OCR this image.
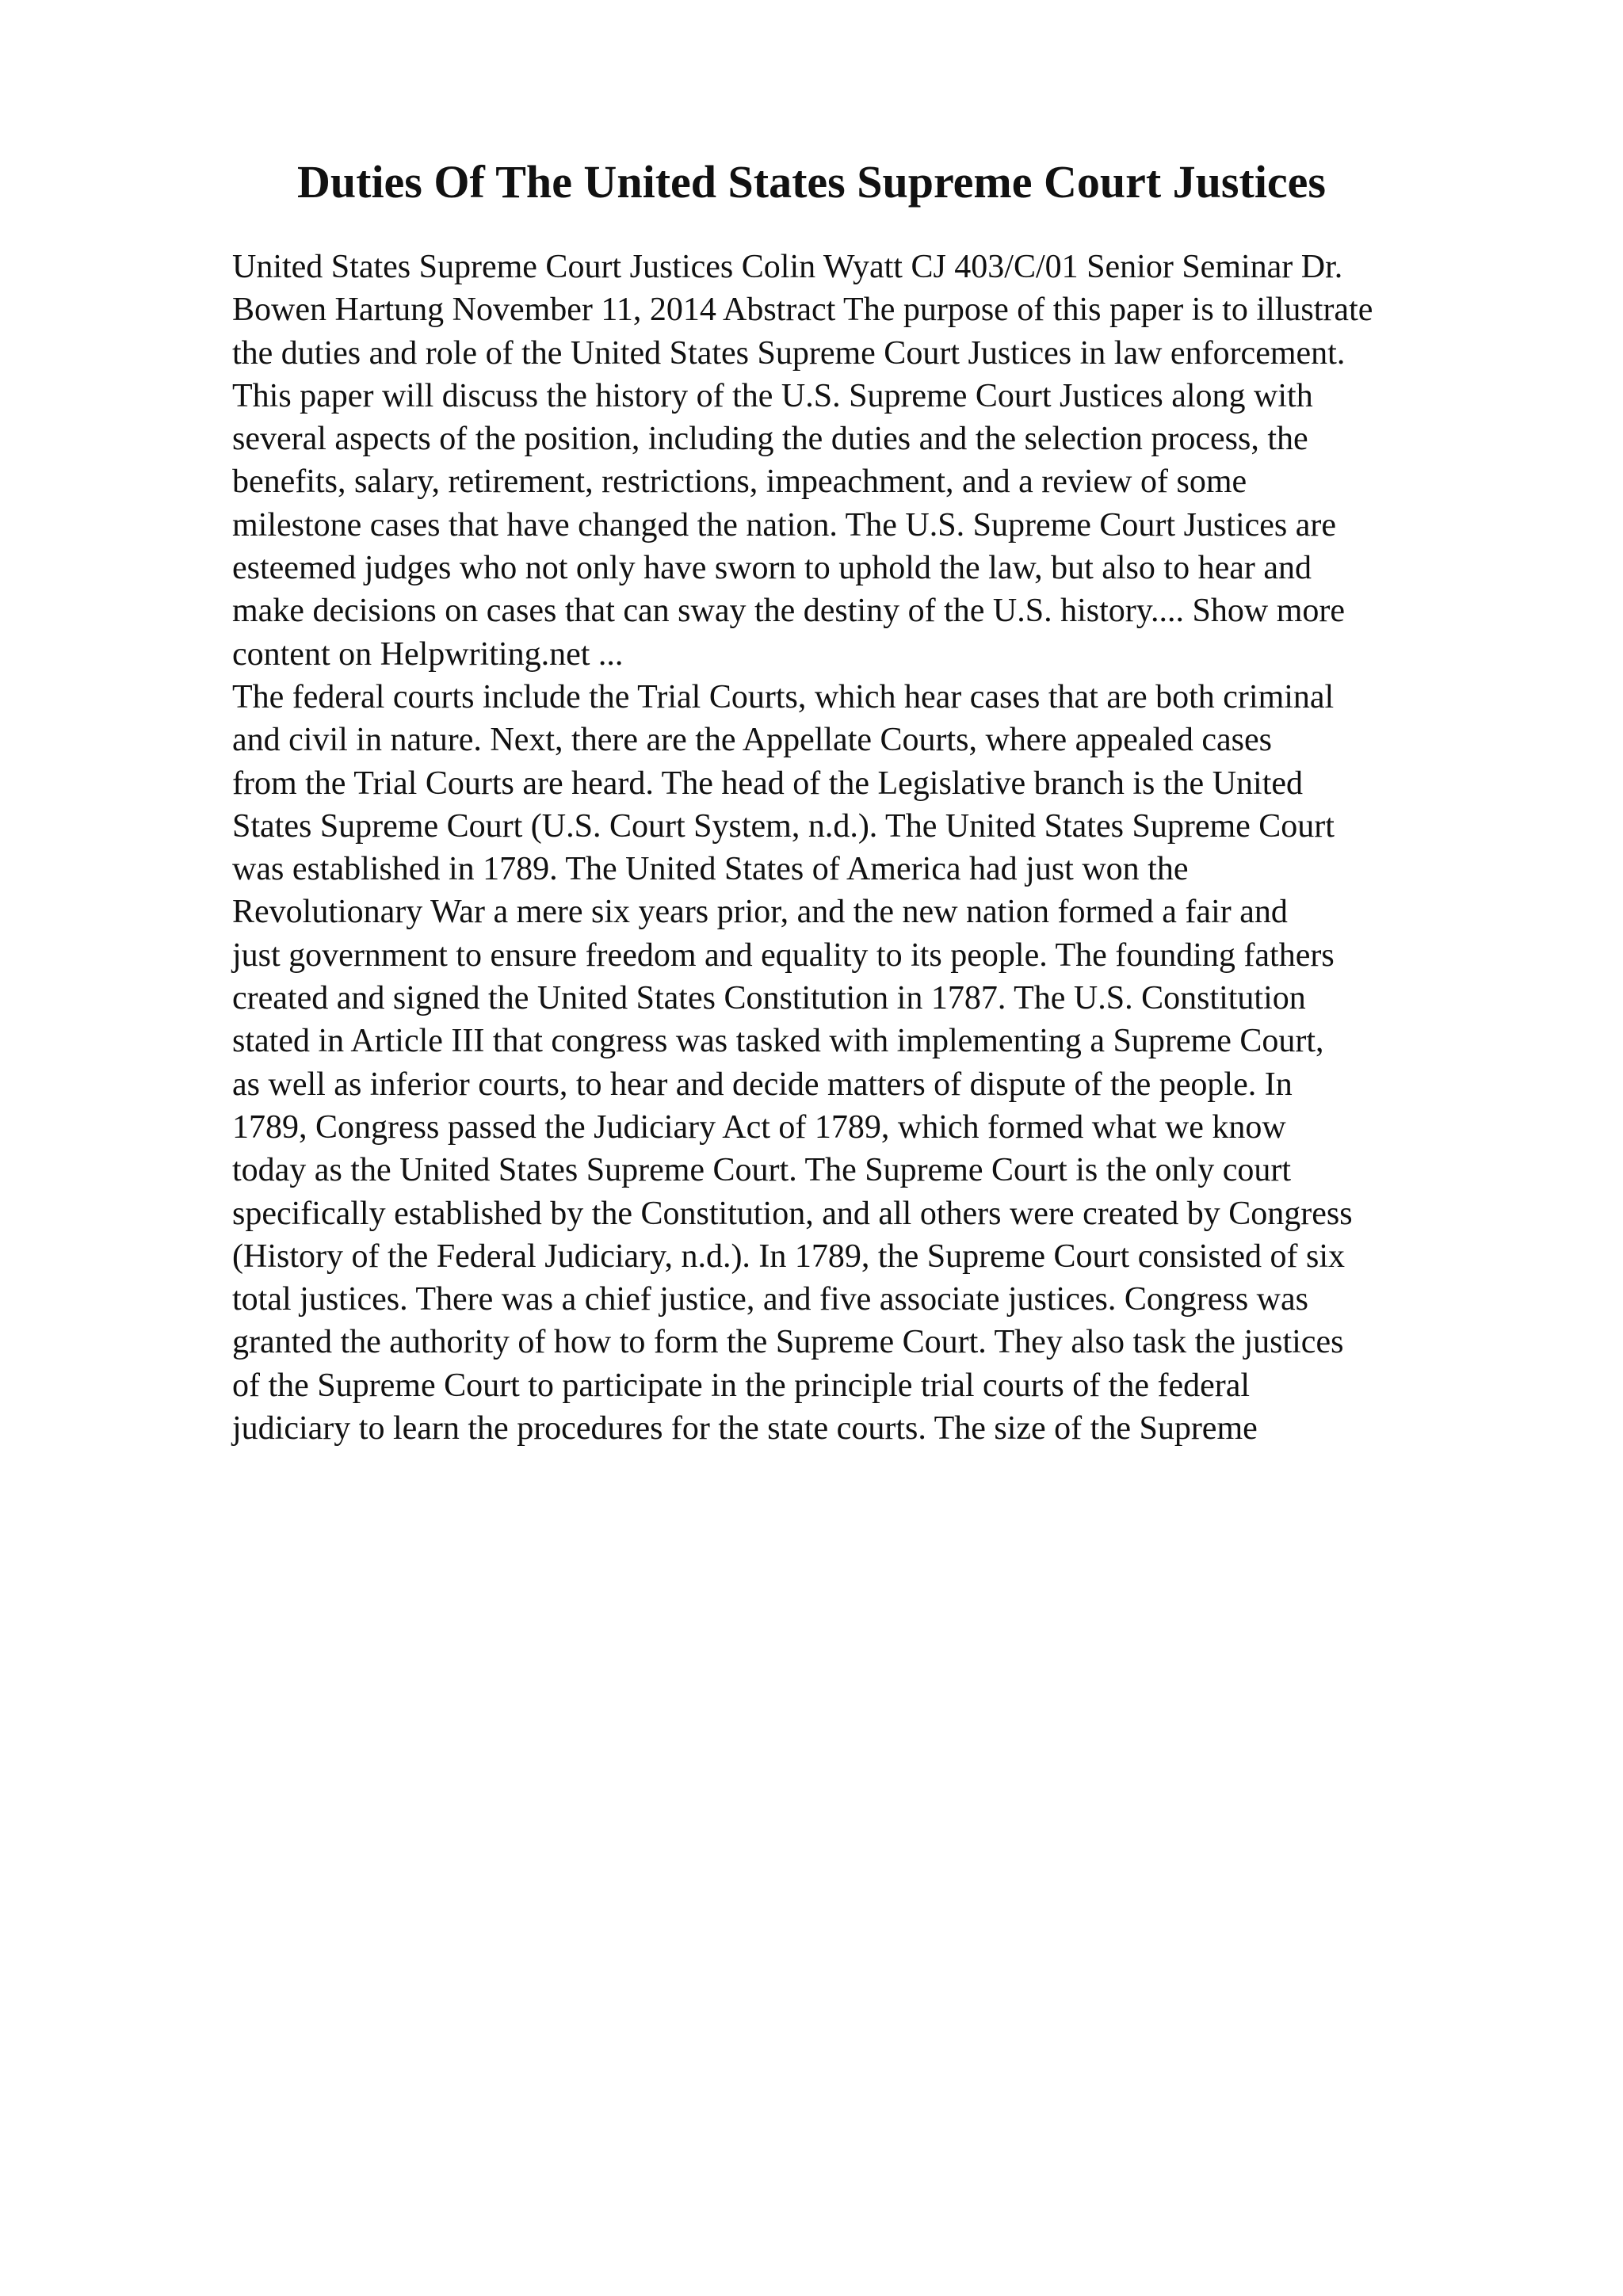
Duties Of The United States Supreme Court Justices
United States Supreme Court Justices Colin Wyatt CJ 403/C/01 Senior Seminar Dr.
Bowen Hartung November 11, 2014 Abstract The purpose of this paper is to illustrate
the duties and role of the United States Supreme Court Justices in law enforcement.
This paper will discuss the history of the U.S. Supreme Court Justices along with
several aspects of the position, including the duties and the selection process, the
benefits, salary, retirement, restrictions, impeachment, and a review of some
milestone cases that have changed the nation. The U.S. Supreme Court Justices are
esteemed judges who not only have sworn to uphold the law, but also to hear and
make decisions on cases that can sway the destiny of the U.S. history.... Show more
content on Helpwriting.net ...
The federal courts include the Trial Courts, which hear cases that are both criminal
and civil in nature. Next, there are the Appellate Courts, where appealed cases
from the Trial Courts are heard. The head of the Legislative branch is the United
States Supreme Court (U.S. Court System, n.d.). The United States Supreme Court
was established in 1789. The United States of America had just won the
Revolutionary War a mere six years prior, and the new nation formed a fair and
just government to ensure freedom and equality to its people. The founding fathers
created and signed the United States Constitution in 1787. The U.S. Constitution
stated in Article III that congress was tasked with implementing a Supreme Court,
as well as inferior courts, to hear and decide matters of dispute of the people. In
1789, Congress passed the Judiciary Act of 1789, which formed what we know
today as the United States Supreme Court. The Supreme Court is the only court
specifically established by the Constitution, and all others were created by Congress
(History of the Federal Judiciary, n.d.). In 1789, the Supreme Court consisted of six
total justices. There was a chief justice, and five associate justices. Congress was
granted the authority of how to form the Supreme Court. They also task the justices
of the Supreme Court to participate in the principle trial courts of the federal
judiciary to learn the procedures for the state courts. The size of the Supreme
